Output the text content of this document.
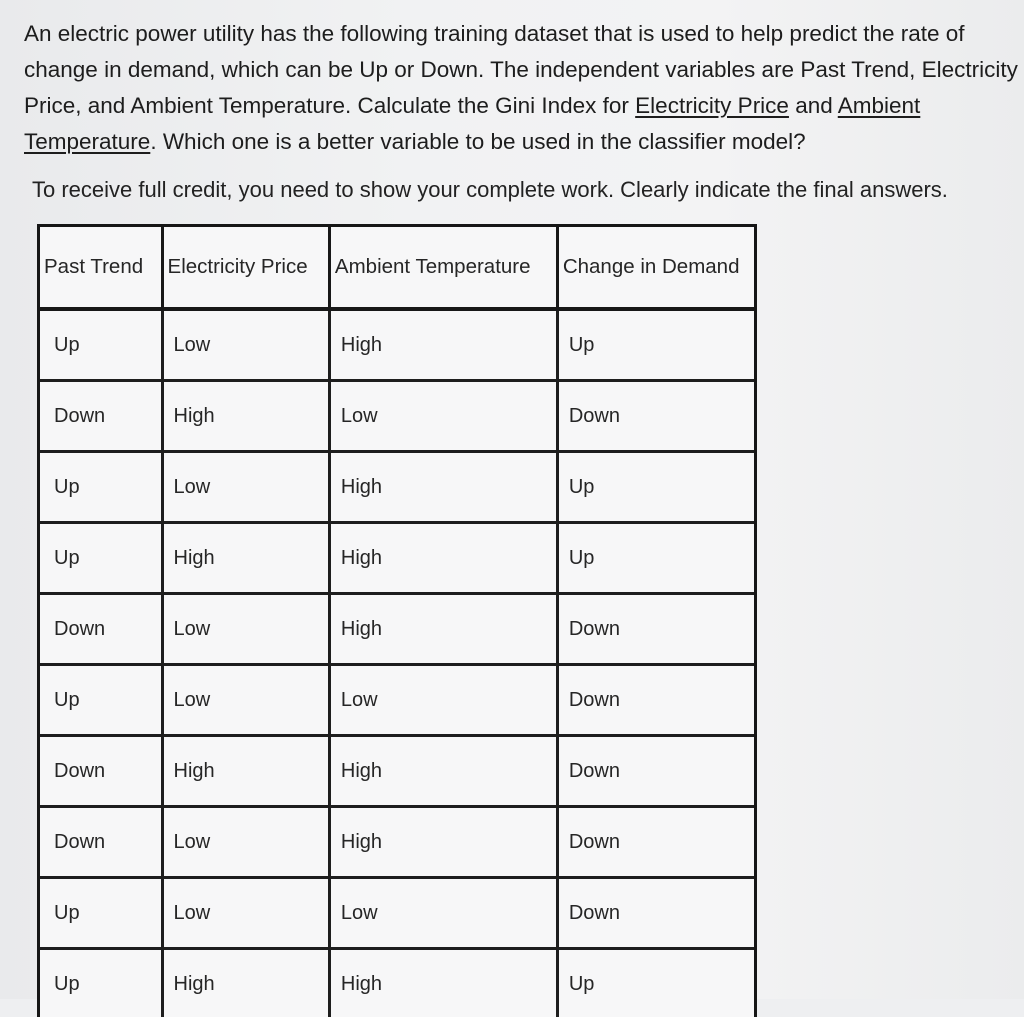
An electric power utility has the following training dataset that is used to help predict the rate of change in demand, which can be Up or Down. The independent variables are Past Trend, Electricity Price, and Ambient Temperature. Calculate the Gini Index for Electricity Price and Ambient Temperature. Which one is a better variable to be used in the classifier model?
To receive full credit, you need to show your complete work. Clearly indicate the final answers.
Past Trend	Electricity Price	Ambient Temperature	Change in Demand
Up	Low	High	Up
Down	High	Low	Down
Up	Low	High	Up
Up	High	High	Up
Down	Low	High	Down
Up	Low	Low	Down
Down	High	High	Down
Down	Low	High	Down
Up	Low	Low	Down
Up	High	High	Up
